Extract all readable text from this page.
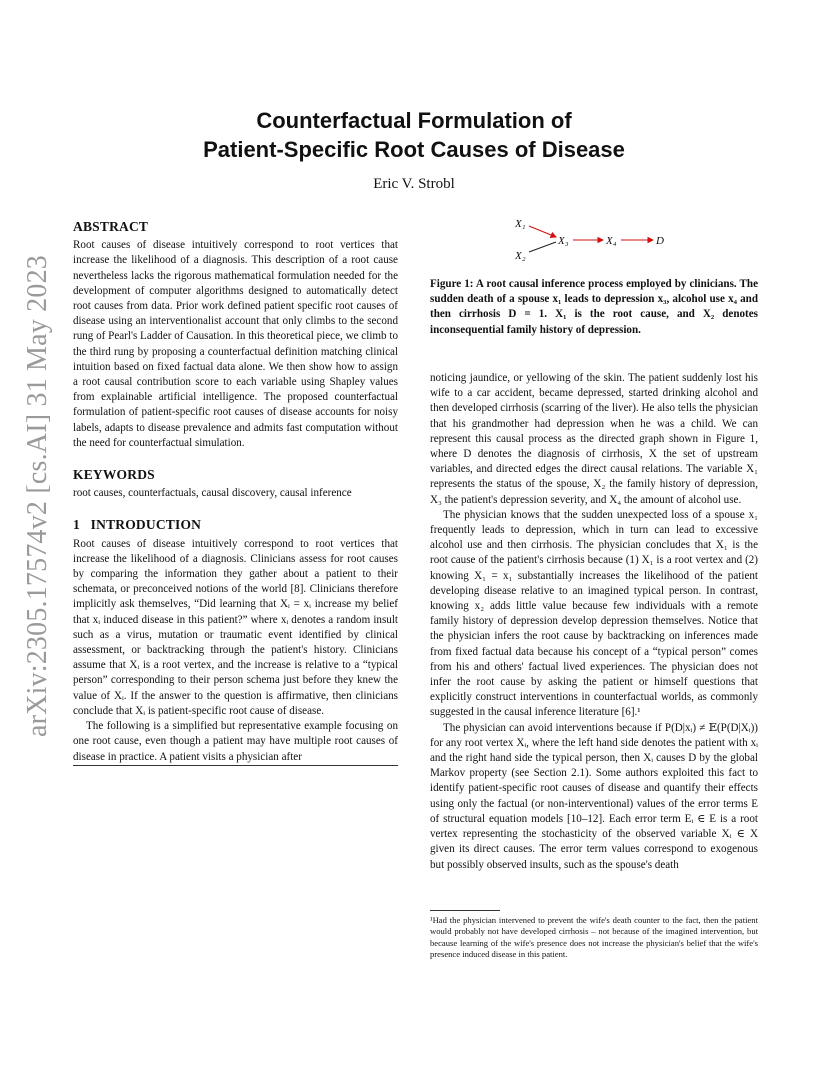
arXiv:2305.17574v2 [cs.AI] 31 May 2023
Counterfactual Formulation of
Patient-Specific Root Causes of Disease
Eric V. Strobl
ABSTRACT

Root causes of disease intuitively correspond to root vertices that increase the likelihood of a diagnosis. This description of a root cause nevertheless lacks the rigorous mathematical formulation needed for the development of computer algorithms designed to automatically detect root causes from data. Prior work defined patient specific root causes of disease using an interventionalist account that only climbs to the second rung of Pearl's Ladder of Causation. In this theoretical piece, we climb to the third rung by proposing a counterfactual definition matching clinical intuition based on fixed factual data alone. We then show how to assign a root causal contribution score to each variable using Shapley values from explainable artificial intelligence. The proposed counterfactual formulation of patient-specific root causes of disease accounts for noisy labels, adapts to disease prevalence and admits fast computation without the need for counterfactual simulation.

KEYWORDS

root causes, counterfactuals, causal discovery, causal inference

1   INTRODUCTION

Root causes of disease intuitively correspond to root vertices that increase the likelihood of a diagnosis. Clinicians assess for root causes by comparing the information they gather about a patient to their schemata, or preconceived notions of the world [8]. Clinicians therefore implicitly ask themselves, “Did learning that Xᵢ = xᵢ increase my belief that xᵢ induced disease in this patient?” where xᵢ denotes a random insult such as a virus, mutation or traumatic event identified by clinical assessment, or backtracking through the patient's history. Clinicians assume that Xᵢ is a root vertex, and the increase is relative to a “typical person” corresponding to their person schema just before they knew the value of Xᵢ. If the answer to the question is affirmative, then clinicians conclude that Xᵢ is patient-specific root cause of disease.

The following is a simplified but representative example focusing on one root cause, even though a patient may have multiple root causes of disease in practice. A patient visits a physician after

X₁
X₂
X₃	X₄	D
Figure 1: A root causal inference process employed by clinicians. The sudden death of a spouse x₁ leads to depression x₃, alcohol use x₄ and then cirrhosis D = 1. X₁ is the root cause, and X₂ denotes inconsequential family history of depression.

noticing jaundice, or yellowing of the skin. The patient suddenly lost his wife to a car accident, became depressed, started drinking alcohol and then developed cirrhosis (scarring of the liver). He also tells the physician that his grandmother had depression when he was a child. We can represent this causal process as the directed graph shown in Figure 1, where D denotes the diagnosis of cirrhosis, X the set of upstream variables, and directed edges the direct causal relations. The variable X₁ represents the status of the spouse, X₂ the family history of depression, X₃ the patient's depression severity, and X₄ the amount of alcohol use.

The physician knows that the sudden unexpected loss of a spouse x₁ frequently leads to depression, which in turn can lead to excessive alcohol use and then cirrhosis. The physician concludes that X₁ is the root cause of the patient's cirrhosis because (1) X₁ is a root vertex and (2) knowing X₁ = x₁ substantially increases the likelihood of the patient developing disease relative to an imagined typical person. In contrast, knowing x₂ adds little value because few individuals with a remote family history of depression develop depression themselves. Notice that the physician infers the root cause by backtracking on inferences made from fixed factual data because his concept of a “typical person” comes from his and others' factual lived experiences. The physician does not infer the root cause by asking the patient or himself questions that explicitly construct interventions in counterfactual worlds, as commonly suggested in the causal inference literature [6].¹

The physician can avoid interventions because if P(D|xᵢ) ≠ 𝔼(P(D|Xᵢ)) for any root vertex Xᵢ, where the left hand side denotes the patient with xᵢ and the right hand side the typical person, then Xᵢ causes D by the global Markov property (see Section 2.1). Some authors exploited this fact to identify patient-specific root causes of disease and quantify their effects using only the factual (or non-interventional) values of the error terms E of structural equation models [10–12]. Each error term Eᵢ ∈ E is a root vertex representing the stochasticity of the observed variable Xᵢ ∈ X given its direct causes. The error term values correspond to exogenous but possibly observed insults, such as the spouse's death

¹Had the physician intervened to prevent the wife's death counter to the fact, then the patient would probably not have developed cirrhosis – not because of the imagined intervention, but because learning of the wife's presence does not increase the physician's belief that the wife's presence induced disease in this patient.
